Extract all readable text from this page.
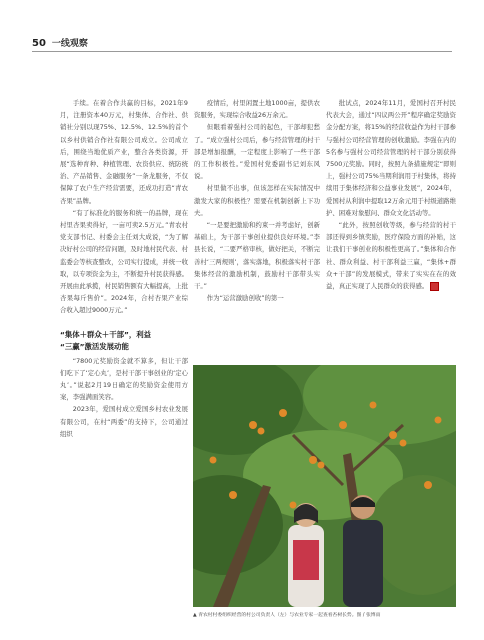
50 一线观察

手续。在着合作共赢的目标，2021年9月，注册资本40万元，村集体、合作社、供销社分别以现75%、12.5%、12.5%的首个以乡村供销合作社有限公司成立。公司成立后，围绕当地优质产业，整合各类资源，开展“选种育种、种植管理、农资供应、统防统治、产品销售、金融服务”一条龙服务，不仅保障了农户生产经营需要，还成功打造“青农杏果”品牌。

“有了标准化的服务和统一的品牌，现在村里杏果卖得好，一亩可卖2.5万元。”青农村党支部书记、村委会主任刘大成说，“为了解决好村公司的经营问题，及时地村民代表、村监委会等核查整改，公司实行提成，并统一收取，以专项资金为主，不断提升村民获得感。开展由此承揽，村民销售额有大幅提高，上批杏果每斤售价”。2024年，合村杏果产业综合收入超过9000万元。”

“集体＋群众＋干部”，利益
“三赢”激活发展动能

“7800元奖励资金就不算多，但让干部们吃下了‘定心丸’，是村干部干事创业的‘定心丸’。”说起2月19日确定的奖励资金使用方案，李强满面笑容。

2023年，爱国村成立爱国乡村农业发展有限公司，在村“两委”的支持下，公司通过组织

疫情后，村里闲置土地1000亩，提供农资服务，实现综合收益26万余元。

但眼看着强村公司的起色，干部却犯愁了。“成立强村公司后，参与经营管理的村干部是增加报酬，一定程度上影响了一些干部的工作积极性。”爱国村党委副书记刘东风说。

村里做不出事，但该怎样在实际情况中激发大家的积极性？需要在机制创新上下功夫。

“一是要把激励和约束一并考虑好，创新基础上，为干部干事创业提供良好环境。”李县长说，“二要严格审核，做好把关，不断完善村‘三两规则’，落实落地，积极落实村干部集体经营的激励机制，鼓励村干部带头实干。”

作为“运营激励创收”的第一

批试点，2024年11月，爱国村召开村民代表大会，通过“四议两公开”程序确定奖励资金分配方案，将15%的经营收益作为村干部参与强村公司经营管理的创收激励。李强在内的5名参与强村公司经营管理的村干部分别获得7500元奖励。同时，按照九条措施规定“即则上，强村公司75%当期利润用于村集体，将持续用于集体经济和公益事业发展”，2024年，爱国村从利润中提取12万余元用于村级道路维护、困难对象慰问、群众文化活动等。

“此外，按照创收等级，参与经营的村干部还得到乡镇奖励，医疗保险方面的补贴，这让我们干事创业的积极性更高了。”集体和合作社、群众利益、村干部利益三赢，“集体+群众+干部”的发展模式，带来了实实在在的效益，真正实现了人民群众的获得感。

▲ 青农村村委组织经营的村公司负责人（左）与农业专家一起查看杏树长势。图 / 张博雨
